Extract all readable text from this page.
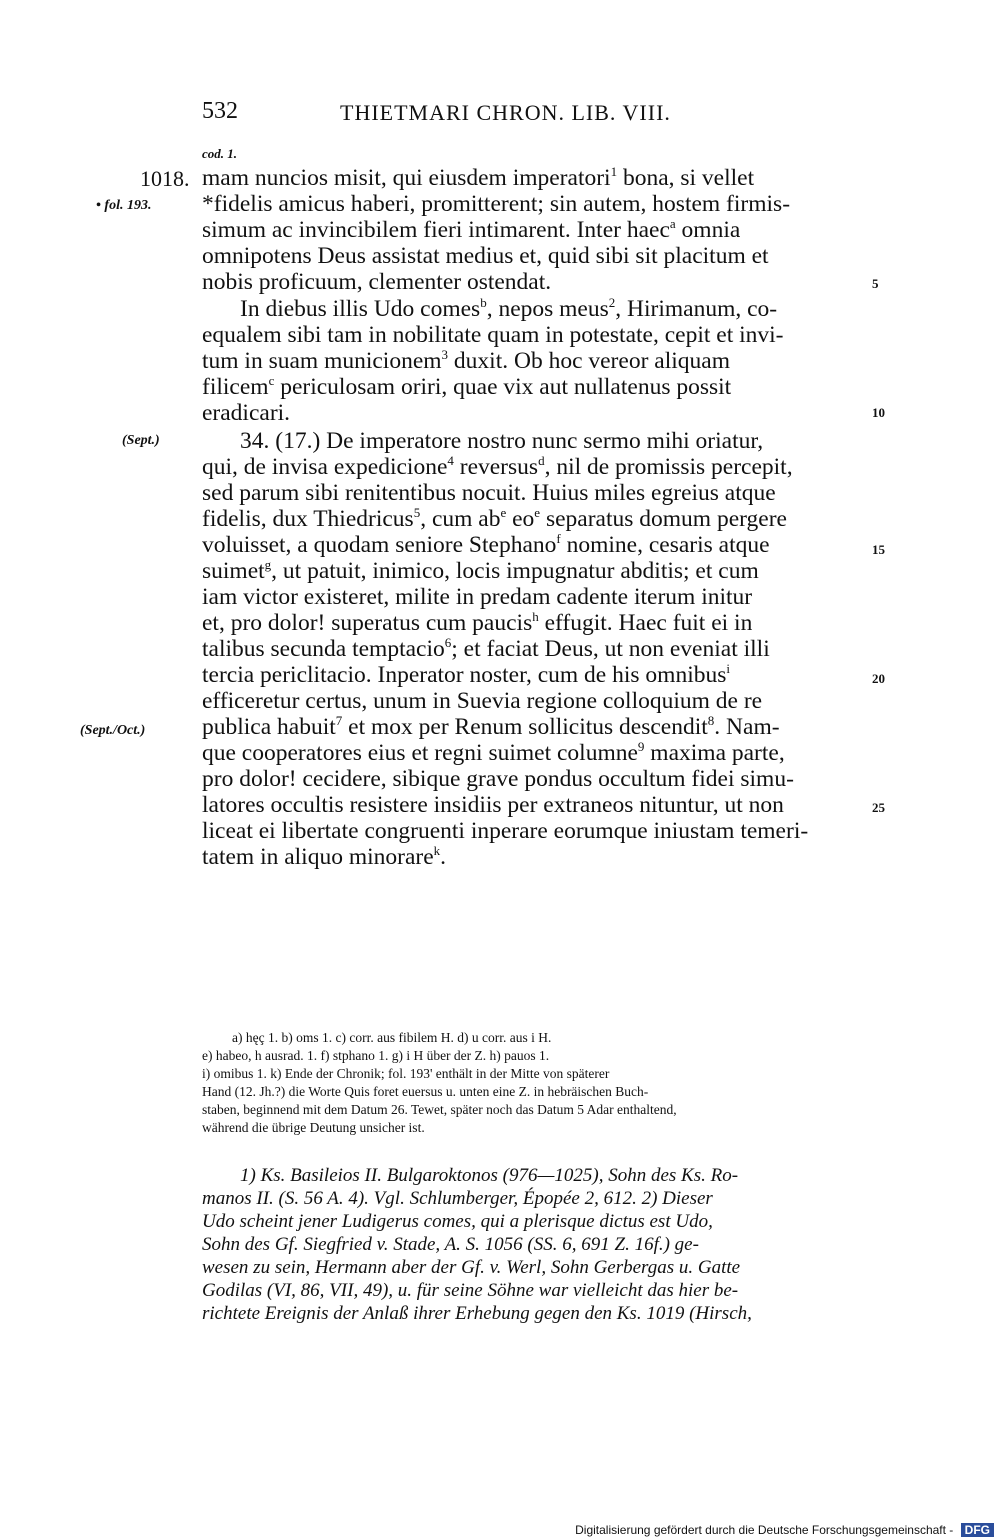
532	THIETMARI CHRON. LIB. VIII.
cod. 1.
1018.
• fol. 193.
(Sept.)
(Sept./Oct.)
5
10
15
20
25
mam nuncios misit, qui eiusdem imperatori$^1$ bona, si vellet
*fidelis amicus haberi, promitterent; sin autem, hostem firmis-
simum ac invincibilem fieri intimarent. Inter haec$^a$ omnia
omnipotens Deus assistat medius et, quid sibi sit placitum et
nobis proficuum, clementer ostendat.
In diebus illis Udo comes$^b$, nepos meus$^2$, Hirimanum, co-
equalem sibi tam in nobilitate quam in potestate, cepit et invi-
tum in suam municionem$^3$ duxit. Ob hoc vereor aliquam
filicem$^c$ periculosam oriri, quae vix aut nullatenus possit
eradicari.
34. (17.) De imperatore nostro nunc sermo mihi oriatur,
qui, de invisa expedicione$^4$ reversus$^d$, nil de promissis percepit,
sed parum sibi renitentibus nocuit. Huius miles egreius atque
fidelis, dux Thiedricus$^5$, cum $ab^e$ $eo^e$ separatus domum pergere
voluisset, a quodam seniore Stephano$^f$ nomine, cesaris atque
suimet$^g$, ut patuit, inimico, locis impugnatur abditis; et cum
iam victor existeret, milite in predam cadente iterum initur
et, pro dolor! superatus cum paucis$^h$ effugit. Haec fuit ei in
talibus secunda temptacio$^6$; et faciat Deus, ut non eveniat illi
tercia periclitacio. Inperator noster, cum de his omnibus$^i$
efficeretur certus, unum in Suevia regione colloquium de re
publica habuit$^7$ et mox per Renum sollicitus descendit$^8$. Nam-
que cooperatores eius et regni suimet columne$^9$ maxima parte,
pro dolor! cecidere, sibique grave pondus occultum fidei simu-
latores occultis resistere insidiis per extraneos nituntur, ut non
liceat ei libertate congruenti inperare eorumque iniustam temeri-
tatem in aliquo minorare$^k$.
a) hęç 1. b) oms 1. c) corr. aus fibilem H. d) u corr. aus i H.
e) habeo, h ausrad. 1. f) stphano 1. g) i H über der Z. h) pauos 1.
i) omibus 1. k) Ende der Chronik; fol. 193' enthält in der Mitte von späterer
Hand (12. Jh.?) die Worte Quis foret euersus u. unten eine Z. in hebräischen Buch-
staben, beginnend mit dem Datum 26. Tewet, später noch das Datum 5 Adar enthaltend,
während die übrige Deutung unsicher ist.
1) Ks. Basileios II. Bulgaroktonos (976—1025), Sohn des Ks. Ro-
manos II. (S. 56 A. 4). Vgl. Schlumberger, Épopée 2, 612. 2) Dieser
Udo scheint jener Ludigerus comes, qui a plerisque dictus est Udo,
Sohn des Gf. Siegfried v. Stade, A. S. 1056 (SS. 6, 691 Z. 16f.) ge-
wesen zu sein, Hermann aber der Gf. v. Werl, Sohn Gerbergas u. Gatte
Godilas (VI, 86, VII, 49), u. für seine Söhne war vielleicht das hier be-
richtete Ereignis der Anlaß ihrer Erhebung gegen den Ks. 1019 (Hirsch,
Digitalisierung gefördert durch die Deutsche Forschungsgemeinschaft - DFG
